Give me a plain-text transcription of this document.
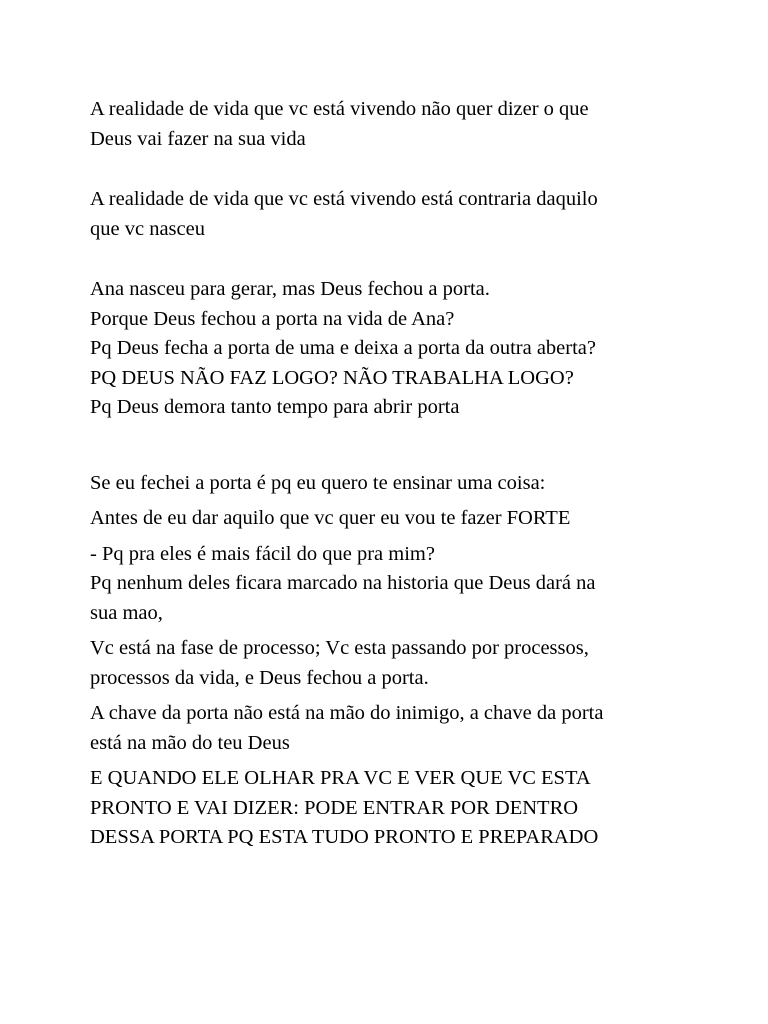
A realidade de vida que vc está vivendo não quer dizer o que
Deus vai fazer na sua vida

A realidade de vida que vc está vivendo está contraria daquilo
que vc nasceu

Ana nasceu para gerar, mas Deus fechou a porta.
Porque Deus fechou a porta na vida de Ana?
Pq Deus fecha a porta de uma e deixa a porta da outra aberta?
PQ DEUS NÃO FAZ LOGO? NÃO TRABALHA LOGO?
Pq Deus demora tanto tempo para abrir porta

Se eu fechei a porta é pq eu quero te ensinar uma coisa:

Antes de eu dar aquilo que vc quer eu vou te fazer FORTE

- Pq pra eles é mais fácil do que pra mim?
Pq nenhum deles ficara marcado na historia que Deus dará na
sua mao,

Vc está na fase de processo; Vc esta passando por processos,
processos da vida, e Deus fechou a porta.

A chave da porta não está na mão do inimigo, a chave da porta
está na mão do teu Deus

E QUANDO ELE OLHAR PRA VC E VER QUE VC ESTA
PRONTO E VAI DIZER: PODE ENTRAR POR DENTRO
DESSA PORTA PQ ESTA TUDO PRONTO E PREPARADO
